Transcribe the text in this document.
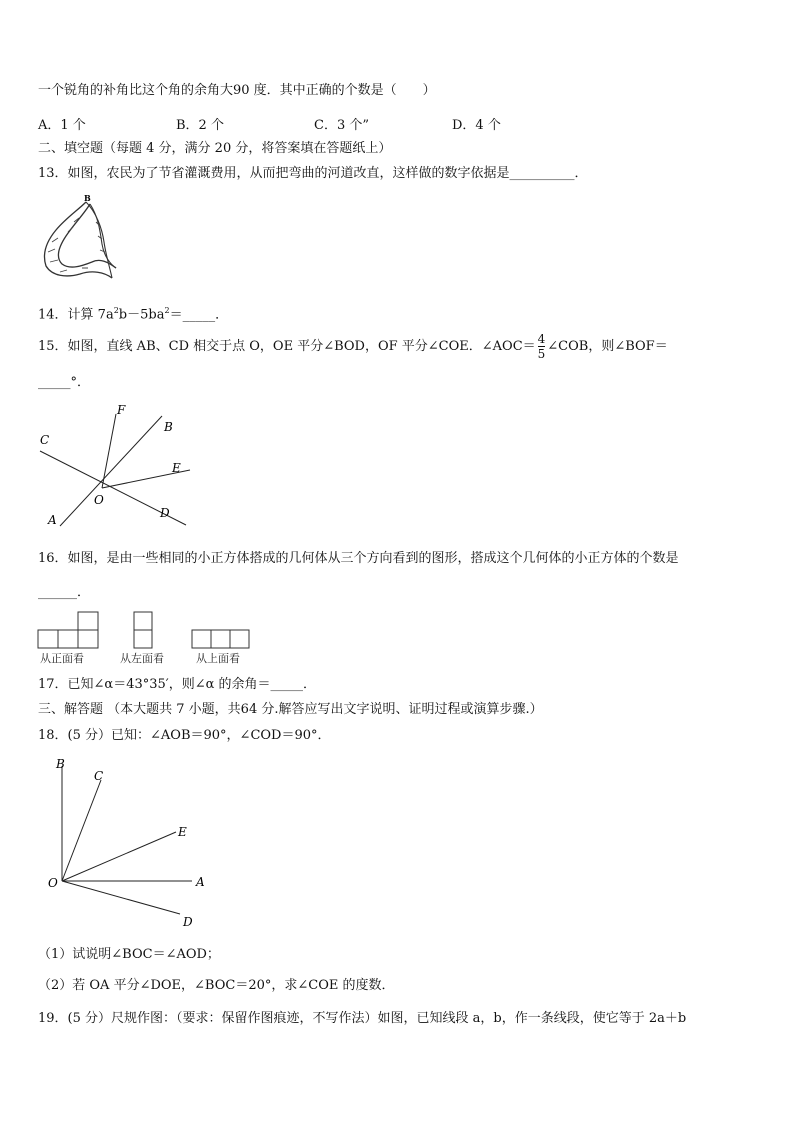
一个锐角的补角比这个角的余角大90 度．其中正确的个数是（　　）
A．1 个	B．2 个	C．3 个”	D．4 个
二、填空题（每题 4 分，满分 20 分，将答案填在答题纸上）
13．如图，农民为了节省灌溉费用，从而把弯曲的河道改直，这样做的数字依据是__________．
B
14．计算 $7a^2b-5ba^2=\_\_\_\_\_$．
15．如图，直线 AB、CD 相交于点 O，OE 平分∠BOD，OF 平分∠COE．∠AOC＝ $\frac{4}{5}$ ∠COB，则∠BOF＝
_____°．
F
B
C
E
O
A	D
16．如图，是由一些相同的小正方体搭成的几何体从三个方向看到的图形，搭成这个几何体的小正方体的个数是
______．
从正面看	从左面看	从上面看
17．已知∠α＝43°35′，则∠α 的余角＝_____．
三、解答题 （本大题共 7 小题，共64 分.解答应写出文字说明、证明过程或演算步骤.）
18．(5 分）已知：∠AOB＝90°，∠COD＝90°．
B
C
E
O	A
D
（1）试说明∠BOC＝∠AOD；
（2）若 OA 平分∠DOE，∠BOC＝20°，求∠COE 的度数．
19．(5 分）尺规作图：（要求：保留作图痕迹，不写作法）如图，已知线段 a，b，作一条线段，使它等于 2a＋b
